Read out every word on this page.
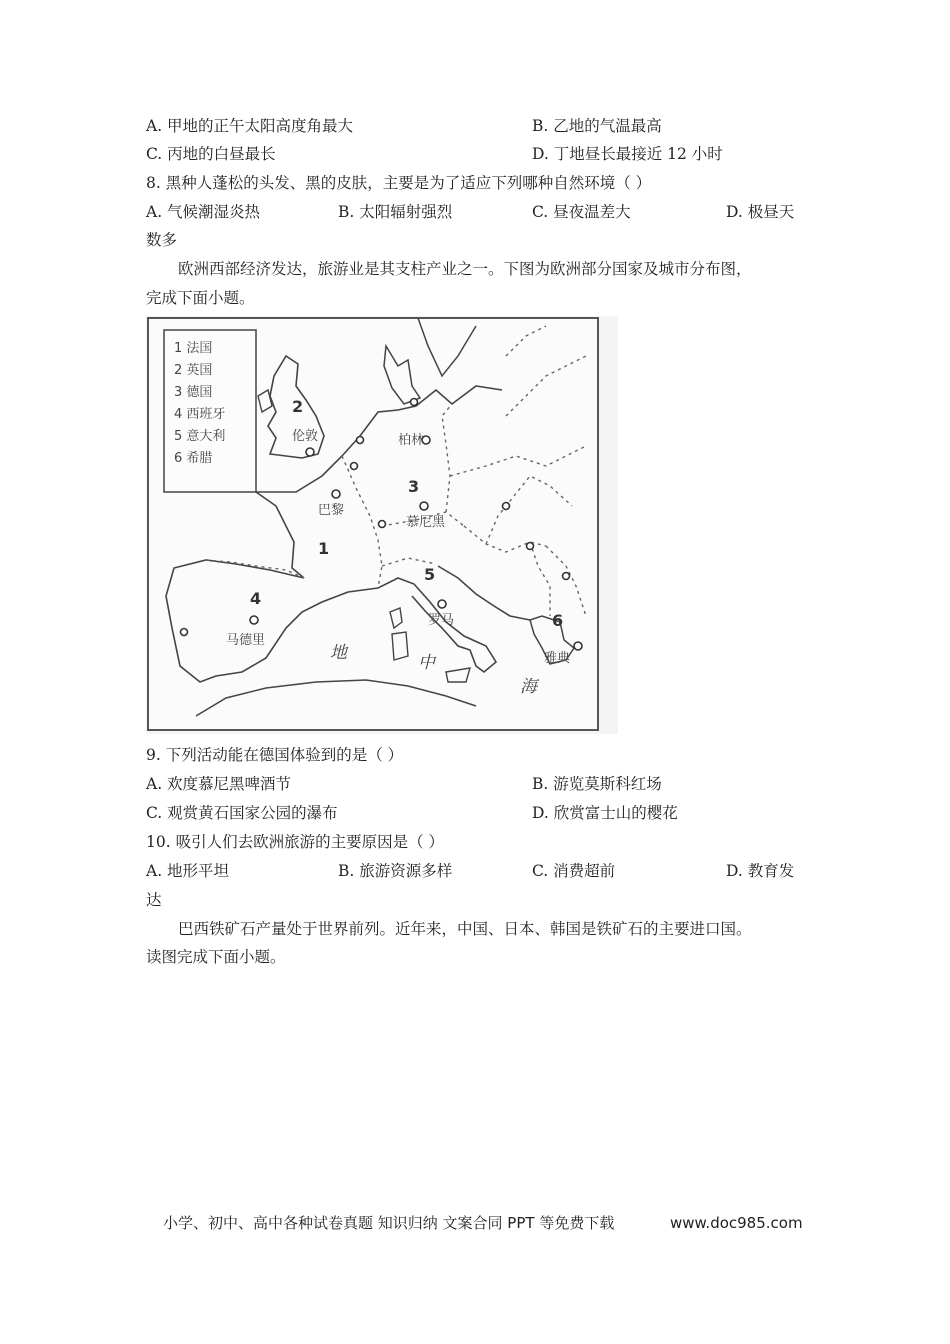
A. 甲地的正午太阳高度角最大	B. 乙地的气温最高
C. 丙地的白昼最长	D. 丁地昼长最接近 12 小时
8. 黑种人蓬松的头发、黑的皮肤，主要是为了适应下列哪种自然环境（ ）
A. 气候潮湿炎热	B. 太阳辐射强烈	C. 昼夜温差大	D. 极昼天
数多
欧洲西部经济发达，旅游业是其支柱产业之一。下图为欧洲部分国家及城市分布图，
完成下面小题。
1 法国
2 英国
3 德国
4 西班牙
5 意大利
6 希腊
2
3
1
4
5
6
伦敦	柏林
巴黎
慕尼黑
马德里
罗马
雅典
地	中
海
9. 下列活动能在德国体验到的是（ ）
A. 欢度慕尼黑啤酒节	B. 游览莫斯科红场
C. 观赏黄石国家公园的瀑布	D. 欣赏富士山的樱花
10. 吸引人们去欧洲旅游的主要原因是（ ）
A. 地形平坦	B. 旅游资源多样	C. 消费超前	D. 教育发
达
巴西铁矿石产量处于世界前列。近年来，中国、日本、韩国是铁矿石的主要进口国。
读图完成下面小题。
小学、初中、高中各种试卷真题 知识归纳 文案合同 PPT 等免费下载	www.doc985.com
